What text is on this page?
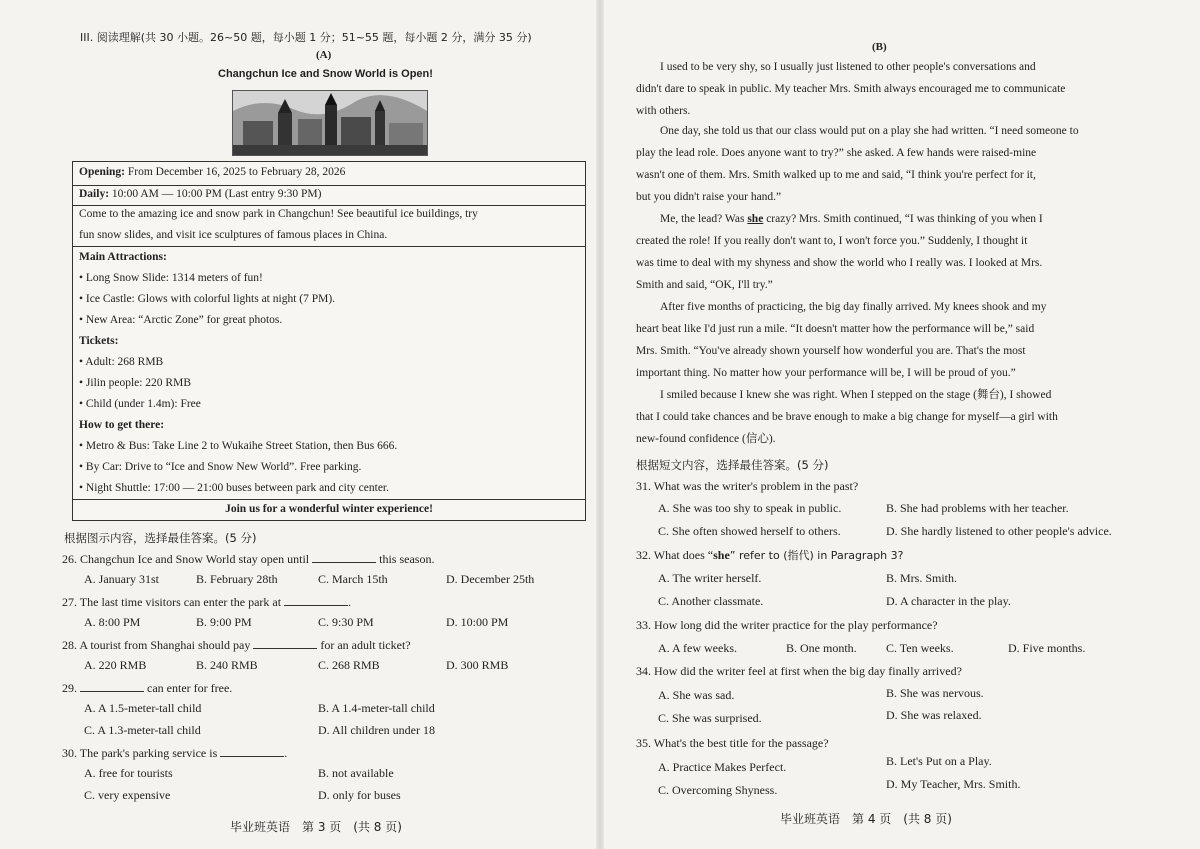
III. 阅读理解(共 30 小题。26~50 题，每小题 1 分；51~55 题，每小题 2 分，满分 35 分)
(A)
Changchun Ice and Snow World is Open!
Opening: From December 16, 2025 to February 28, 2026
Daily: 10:00 AM — 10:00 PM (Last entry 9:30 PM)
Come to the amazing ice and snow park in Changchun! See beautiful ice buildings, try
fun snow slides, and visit ice sculptures of famous places in China.
Main Attractions:
• Long Snow Slide: 1314 meters of fun!
• Ice Castle: Glows with colorful lights at night (7 PM).
• New Area: “Arctic Zone” for great photos.
Tickets:
• Adult: 268 RMB
• Jilin people: 220 RMB
• Child (under 1.4m): Free
How to get there:
• Metro & Bus: Take Line 2 to Wukaihe Street Station, then Bus 666.
• By Car: Drive to “Ice and Snow New World”. Free parking.
• Night Shuttle: 17:00 — 21:00 buses between park and city center.
Join us for a wonderful winter experience!
根据图示内容，选择最佳答案。(5 分)
26. Changchun Ice and Snow World stay open until	this season.
A. January 31st	B. February 28th	C. March 15th	D. December 25th
27. The last time visitors can enter the park at	.
A. 8:00 PM	B. 9:00 PM	C. 9:30 PM	D. 10:00 PM
28. A tourist from Shanghai should pay	for an adult ticket?
A. 220 RMB	B. 240 RMB	C. 268 RMB	D. 300 RMB
29.	can enter for free.
A. A 1.5-meter-tall child	B. A 1.4-meter-tall child
C. A 1.3-meter-tall child	D. All children under 18
30. The park's parking service is	.
A. free for tourists	B. not available
C. very expensive	D. only for buses
毕业班英语　第 3 页　(共 8 页)
(B)
I used to be very shy, so I usually just listened to other people's conversations and
didn't dare to speak in public. My teacher Mrs. Smith always encouraged me to communicate
with others.
One day, she told us that our class would put on a play she had written. “I need someone to
play the lead role. Does anyone want to try?” she asked. A few hands were raised-mine
wasn't one of them. Mrs. Smith walked up to me and said, “I think you're perfect for it,
but you didn't raise your hand.”
Me, the lead? Was she crazy? Mrs. Smith continued, “I was thinking of you when I
created the role! If you really don't want to, I won't force you.” Suddenly, I thought it
was time to deal with my shyness and show the world who I really was. I looked at Mrs.
Smith and said, “OK, I'll try.”
After five months of practicing, the big day finally arrived. My knees shook and my
heart beat like I'd just run a mile. “It doesn't matter how the performance will be,” said
Mrs. Smith. “You've already shown yourself how wonderful you are. That's the most
important thing. No matter how your performance will be, I will be proud of you.”
I smiled because I knew she was right. When I stepped on the stage (舞台), I showed
that I could take chances and be brave enough to make a big change for myself—a girl with
new-found confidence (信心).
根据短文内容，选择最佳答案。(5 分)
31. What was the writer's problem in the past?
A. She was too shy to speak in public.	B. She had problems with her teacher.
C. She often showed herself to others.	D. She hardly listened to other people's advice.
32. What does “she” refer to (指代) in Paragraph 3?
A. The writer herself.	B. Mrs. Smith.
C. Another classmate.	D. A character in the play.
33. How long did the writer practice for the play performance?
A. A few weeks.	B. One month. C. Ten weeks.	D. Five months.
34. How did the writer feel at first when the big day finally arrived?
A. She was sad.	B. She was nervous.
C. She was surprised.	D. She was relaxed.
35. What's the best title for the passage?
A. Practice Makes Perfect.	B. Let's Put on a Play.
C. Overcoming Shyness.	D. My Teacher, Mrs. Smith.
毕业班英语　第 4 页　(共 8 页)
